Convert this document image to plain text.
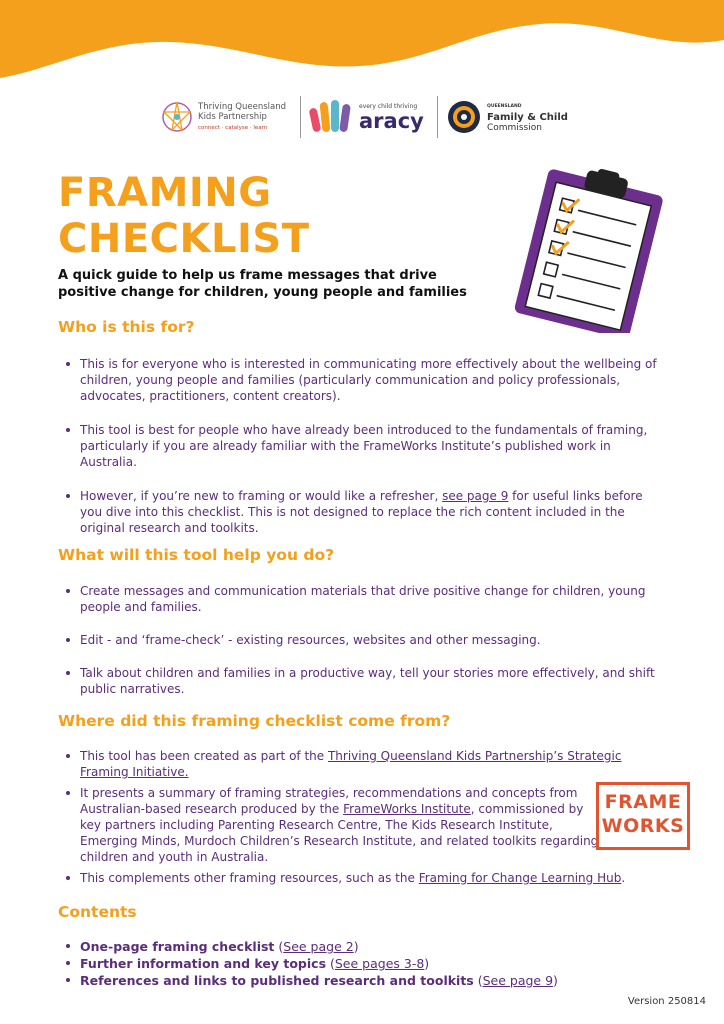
Thriving Queensland
Kids Partnership
connect · catalyse · learn
every child thriving
aracy
QUEENSLAND
Family & Child
Commission
FRAMING
CHECKLIST
A quick guide to help us frame messages that drive positive change for children, young people and families
Who is this for?
This is for everyone who is interested in communicating more effectively about the wellbeing of children, young people and families (particularly communication and policy professionals, advocates, practitioners, content creators).
This tool is best for people who have already been introduced to the fundamentals of framing, particularly if you are already familiar with the FrameWorks Institute’s published work in Australia.
However, if you’re new to framing or would like a refresher, see page 9 for useful links before you dive into this checklist. This is not designed to replace the rich content included in the original research and toolkits.
What will this tool help you do?
Create messages and communication materials that drive positive change for children, young people and families.
Edit - and ‘frame-check’ - existing resources, websites and other messaging.
Talk about children and families in a productive way, tell your stories more effectively, and shift public narratives.
Where did this framing checklist come from?
This tool has been created as part of the Thriving Queensland Kids Partnership’s Strategic Framing Initiative.
It presents a summary of framing strategies, recommendations and concepts from Australian-based research produced by the FrameWorks Institute, commissioned by key partners including Parenting Research Centre, The Kids Research Institute, Emerging Minds, Murdoch Children’s Research Institute, and related toolkits regarding children and youth in Australia.
This complements other framing resources, such as the Framing for Change Learning Hub.
FRAME
WORKS
Contents
One-page framing checklist (See page 2)
Further information and key topics (See pages 3-8)
References and links to published research and toolkits (See page 9)
Version 250814
